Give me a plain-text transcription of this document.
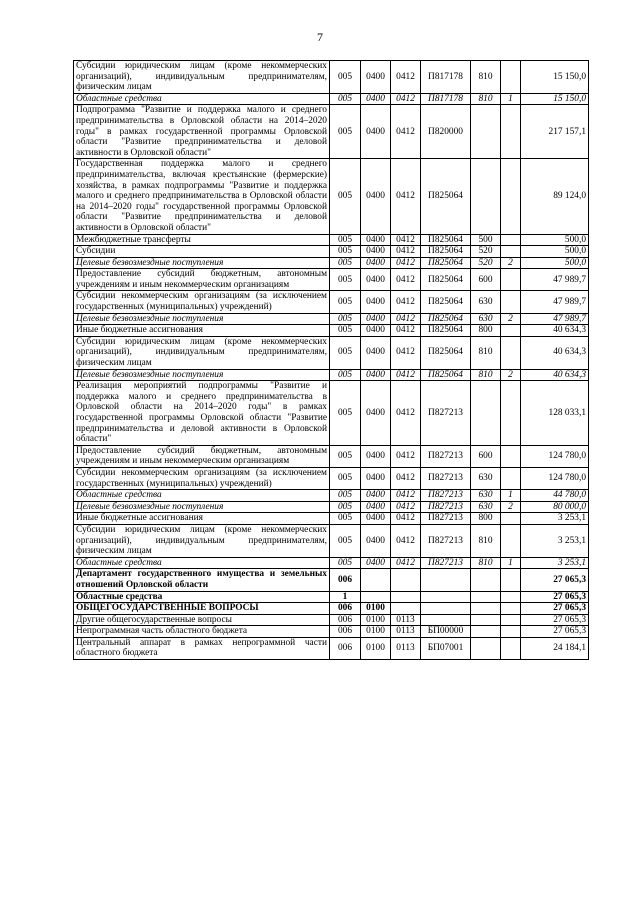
7
Субсидии юридическим лицам (кроме некоммерческих организаций), индивидуальным предпринимателям, физическим лицам	005	0400	0412	П817178	810		15 150,0
Областные средства	005	0400	0412	П817178	810	1	15 150,0
Подпрограмма "Развитие и поддержка малого и среднего предпринимательства в Орловской области на 2014–2020 годы" в рамках государственной программы Орловской области "Развитие предпринимательства и деловой активности в Орловской области"	005	0400	0412	П820000			217 157,1
Государственная поддержка малого и среднего предпринимательства, включая крестьянские (фермерские) хозяйства, в рамках подпрограммы "Развитие и поддержка малого и среднего предпринимательства в Орловской области на 2014–2020 годы" государственной программы Орловской области "Развитие предпринимательства и деловой активности в Орловской области"	005	0400	0412	П825064			89 124,0
Межбюджетные трансферты	005	0400	0412	П825064	500		500,0
Субсидии	005	0400	0412	П825064	520		500,0
Целевые безвозмездные поступления	005	0400	0412	П825064	520	2	500,0
Предоставление субсидий бюджетным, автономным учреждениям и иным некоммерческим организациям	005	0400	0412	П825064	600		47 989,7
Субсидии некоммерческим организациям (за исключением государственных (муниципальных) учреждений)	005	0400	0412	П825064	630		47 989,7
Целевые безвозмездные поступления	005	0400	0412	П825064	630	2	47 989,7
Иные бюджетные ассигнования	005	0400	0412	П825064	800		40 634,3
Субсидии юридическим лицам (кроме некоммерческих организаций), индивидуальным предпринимателям, физическим лицам	005	0400	0412	П825064	810		40 634,3
Целевые безвозмездные поступления	005	0400	0412	П825064	810	2	40 634,3
Реализация мероприятий подпрограммы "Развитие и поддержка малого и среднего предпринимательства в Орловской области на 2014–2020 годы" в рамках государственной программы Орловской области "Развитие предпринимательства и деловой активности в Орловской области"	005	0400	0412	П827213			128 033,1
Предоставление субсидий бюджетным, автономным учреждениям и иным некоммерческим организациям	005	0400	0412	П827213	600		124 780,0
Субсидии некоммерческим организациям (за исключением государственных (муниципальных) учреждений)	005	0400	0412	П827213	630		124 780,0
Областные средства	005	0400	0412	П827213	630	1	44 780,0
Целевые безвозмездные поступления	005	0400	0412	П827213	630	2	80 000,0
Иные бюджетные ассигнования	005	0400	0412	П827213	800		3 253,1
Субсидии юридическим лицам (кроме некоммерческих организаций), индивидуальным предпринимателям, физическим лицам	005	0400	0412	П827213	810		3 253,1
Областные средства	005	0400	0412	П827213	810	1	3 253,1
Департамент государственного имущества и земельных отношений Орловской области	006						27 065,3
Областные средства	1						27 065,3
ОБЩЕГОСУДАРСТВЕННЫЕ ВОПРОСЫ	006	0100					27 065,3
Другие общегосударственные вопросы	006	0100	0113				27 065,3
Непрограммная часть областного бюджета	006	0100	0113	БП00000			27 065,3
Центральный аппарат в рамках непрограммной части областного бюджета	006	0100	0113	БП07001			24 184,1
